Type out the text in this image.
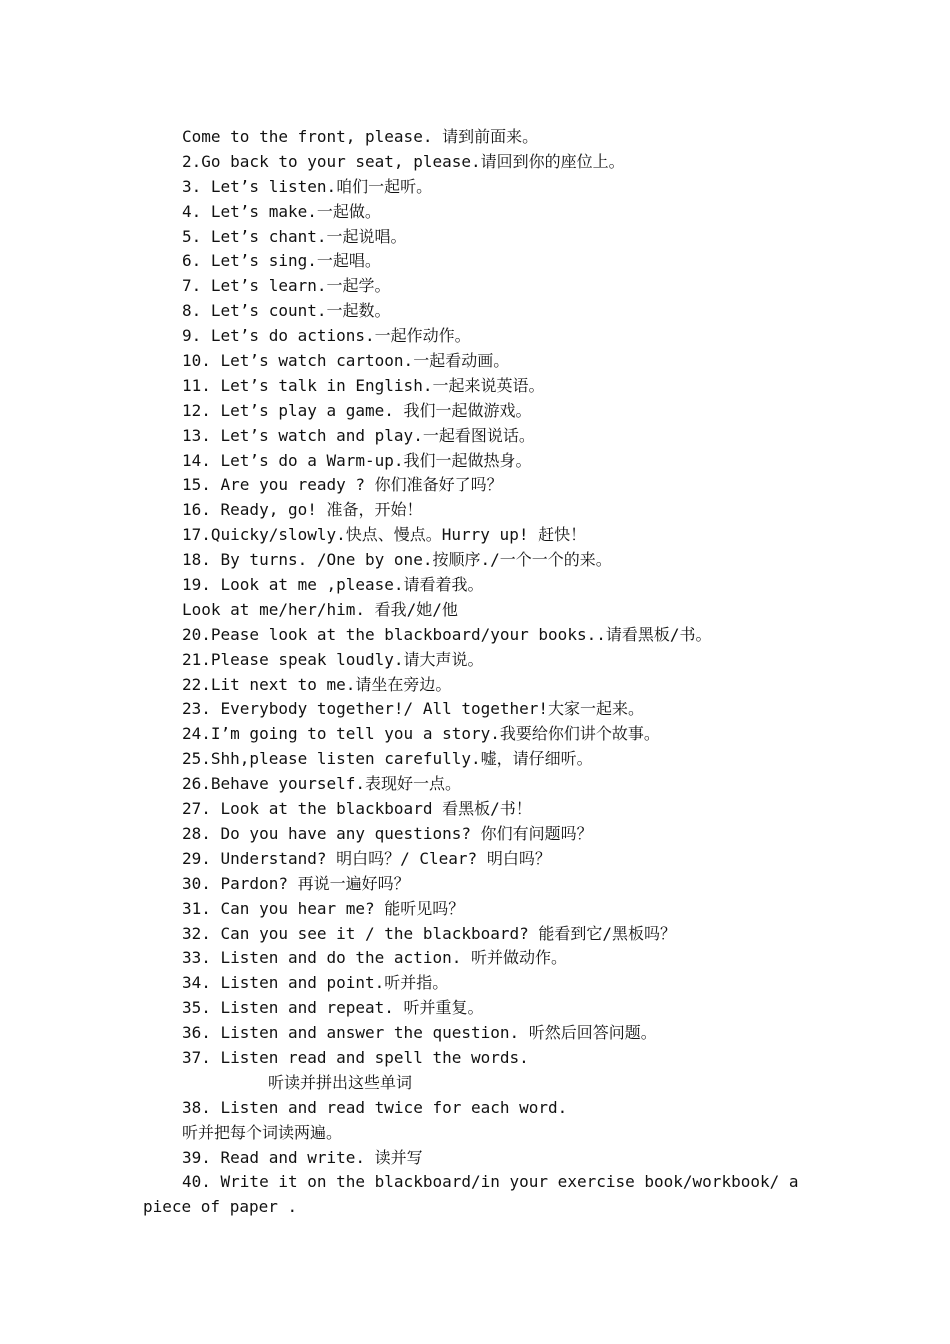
Come to the front, please. 请到前面来。

2.Go back to your seat, please.请回到你的座位上。

3. Let’s listen.咱们一起听。

4. Let’s make.一起做。

5. Let’s chant.一起说唱。

6. Let’s sing.一起唱。

7. Let’s learn.一起学。

8. Let’s count.一起数。

9. Let’s do actions.一起作动作。

10. Let’s watch cartoon.一起看动画。

11. Let’s talk in English.一起来说英语。

12. Let’s play a game. 我们一起做游戏。

13. Let’s watch and play.一起看图说话。

14. Let’s do a Warm-up.我们一起做热身。

15. Are you ready ? 你们准备好了吗？

16. Ready, go! 准备，开始！

17.Quicky/slowly.快点、慢点。Hurry up! 赶快！

18. By turns. /One by one.按顺序./一个一个的来。

19. Look at me ,please.请看着我。

Look at me/her/him. 看我/她/他

20.Pease look at the blackboard/your books..请看黑板/书。

21.Please speak loudly.请大声说。

22.Lit next to me.请坐在旁边。

23. Everybody together!/ All together!大家一起来。

24.I’m going to tell you a story.我要给你们讲个故事。

25.Shh,please listen carefully.嘘，请仔细听。

26.Behave yourself.表现好一点。

27. Look at the blackboard 看黑板/书！

28. Do you have any questions? 你们有问题吗？

29. Understand? 明白吗？/ Clear? 明白吗？

30. Pardon? 再说一遍好吗？

31. Can you hear me? 能听见吗？

32. Can you see it / the blackboard? 能看到它/黑板吗？

33. Listen and do the action. 听并做动作。

34. Listen and point.听并指。

35. Listen and repeat. 听并重复。

36. Listen and answer the question. 听然后回答问题。

37. Listen read and spell the words.

听读并拼出这些单词

38. Listen and read twice for each word.

听并把每个词读两遍。

39. Read and write. 读并写

40. Write it on the blackboard/in your exercise book/workbook/ a

piece of paper .
